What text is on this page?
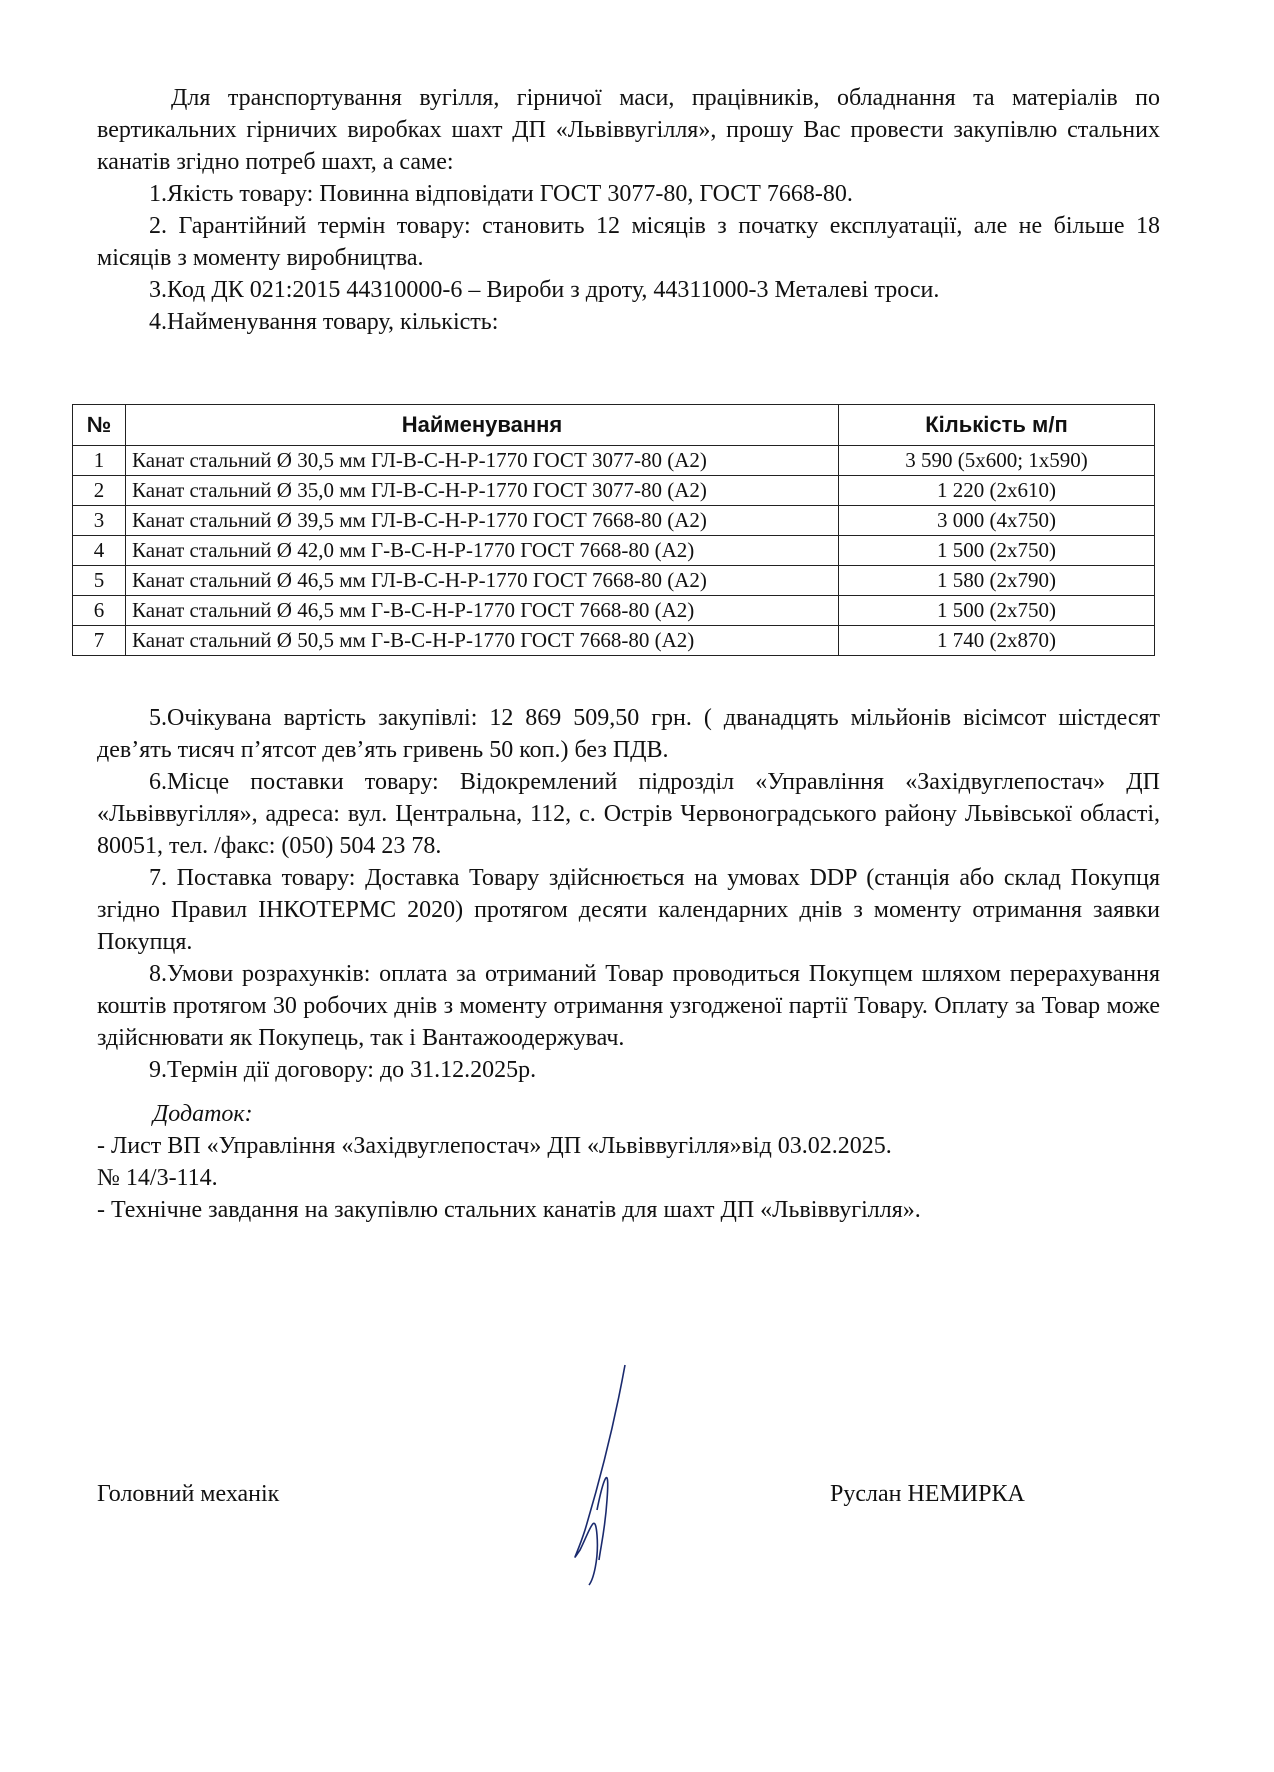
Для транспортування вугілля, гірничої маси, працівників, обладнання та матеріалів по вертикальних гірничих виробках шахт ДП «Львіввугілля», прошу Вас провести закупівлю стальних канатів згідно потреб шахт, а саме:

1.Якість товару: Повинна відповідати ГОСТ 3077-80, ГОСТ 7668-80.

2. Гарантійний термін товару: становить 12 місяців з початку експлуатації, але не більше 18 місяців з моменту виробництва.

3.Код ДК 021:2015 44310000-6 – Вироби з дроту, 44311000-3 Металеві троси.

4.Найменування товару, кількість:

№	Найменування	Кількість м/п
1	Канат стальний Ø 30,5 мм ГЛ-В-С-Н-Р-1770 ГОСТ 3077-80 (А2)	3 590 (5х600; 1х590)
2	Канат стальний Ø 35,0 мм ГЛ-В-С-Н-Р-1770 ГОСТ 3077-80 (А2)	1 220 (2х610)
3	Канат стальний Ø 39,5 мм ГЛ-В-С-Н-Р-1770 ГОСТ 7668-80 (А2)	3 000 (4х750)
4	Канат стальний Ø 42,0 мм Г-В-С-Н-Р-1770 ГОСТ 7668-80 (А2)	1 500 (2х750)
5	Канат стальний Ø 46,5 мм ГЛ-В-С-Н-Р-1770 ГОСТ 7668-80 (А2)	1 580 (2х790)
6	Канат стальний Ø 46,5 мм Г-В-С-Н-Р-1770 ГОСТ 7668-80 (А2)	1 500 (2х750)
7	Канат стальний Ø 50,5 мм Г-В-С-Н-Р-1770 ГОСТ 7668-80 (А2)	1 740 (2х870)

5.Очікувана вартість закупівлі: 12 869 509,50 грн. ( дванадцять мільйонів вісімсот шістдесят дев’ять тисяч п’ятсот дев’ять гривень 50 коп.) без ПДВ.

6.Місце поставки товару: Відокремлений підрозділ «Управління «Західвуглепостач» ДП «Львіввугілля», адреса: вул. Центральна, 112, с. Острів Червоноградського району Львівської області, 80051, тел. /факс: (050) 504 23 78.

7. Поставка товару: Доставка Товару здійснюється на умовах DDP (станція або склад Покупця згідно Правил ІНКОТЕРМС 2020) протягом десяти календарних днів з моменту отримання заявки Покупця.

8.Умови розрахунків: оплата за отриманий Товар проводиться Покупцем шляхом перерахування коштів протягом 30 робочих днів з моменту отримання узгодженої партії Товару. Оплату за Товар може здійснювати як Покупець, так і Вантажоодержувач.

9.Термін дії договору: до 31.12.2025р.

Додаток:

- Лист ВП «Управління «Західвуглепостач» ДП «Львіввугілля»від 03.02.2025.

№ 14/3-114.

- Технічне завдання на закупівлю стальних канатів для шахт ДП «Львіввугілля».

Головний механік	Руслан НЕМИРКА
